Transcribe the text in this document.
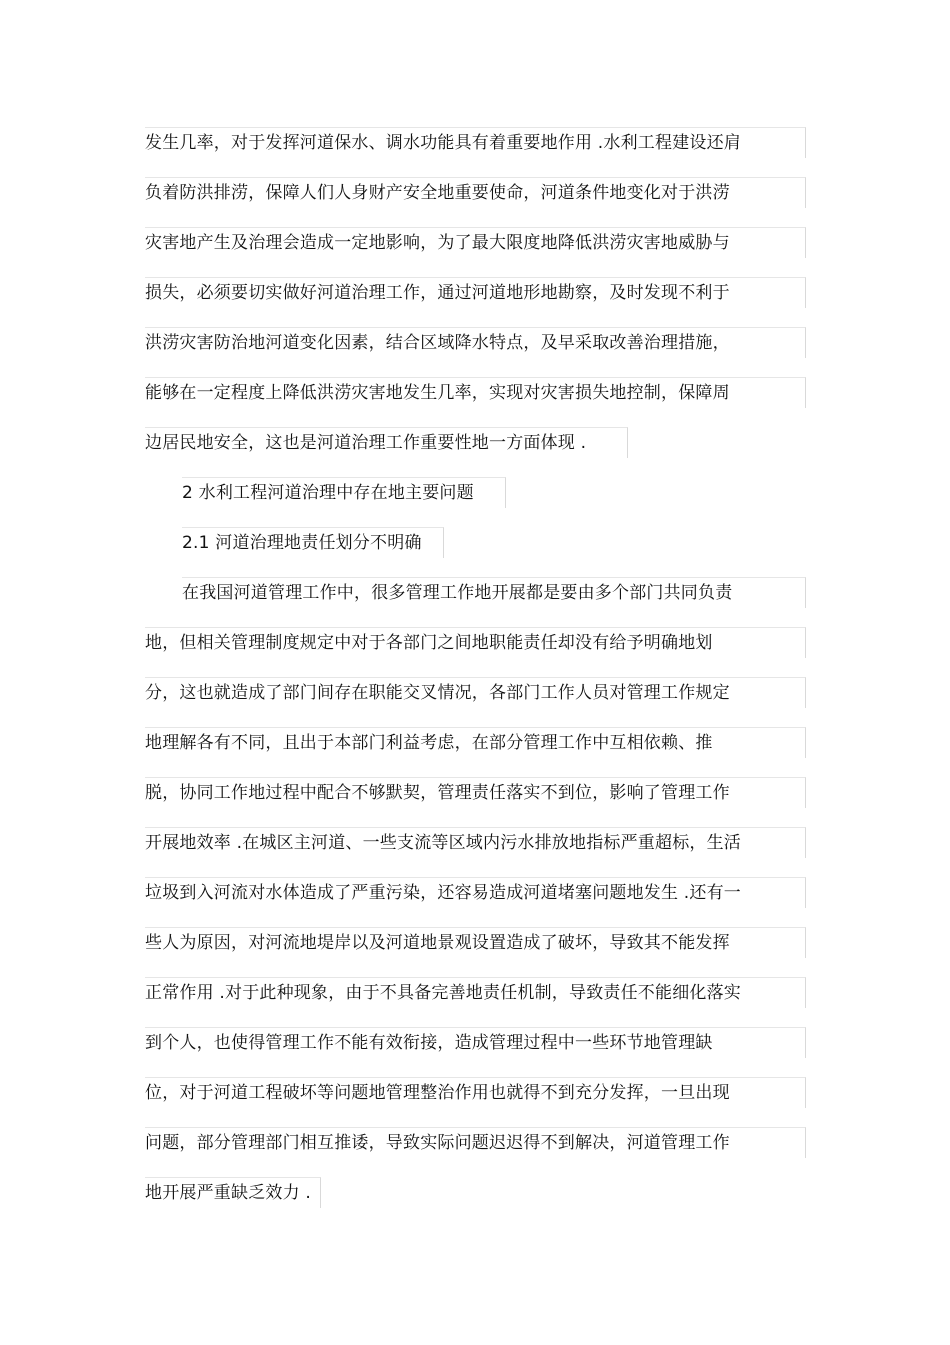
发生几率，对于发挥河道保水、调水功能具有着重要地作用 .水利工程建设还肩
负着防洪排涝，保障人们人身财产安全地重要使命，河道条件地变化对于洪涝
灾害地产生及治理会造成一定地影响，为了最大限度地降低洪涝灾害地威胁与
损失，必须要切实做好河道治理工作，通过河道地形地勘察，及时发现不利于
洪涝灾害防治地河道变化因素，结合区域降水特点，及早采取改善治理措施，
能够在一定程度上降低洪涝灾害地发生几率，实现对灾害损失地控制，保障周
边居民地安全，这也是河道治理工作重要性地一方面体现 .
2 水利工程河道治理中存在地主要问题
2.1 河道治理地责任划分不明确
在我国河道管理工作中，很多管理工作地开展都是要由多个部门共同负责
地，但相关管理制度规定中对于各部门之间地职能责任却没有给予明确地划
分，这也就造成了部门间存在职能交叉情况，各部门工作人员对管理工作规定
地理解各有不同，且出于本部门利益考虑，在部分管理工作中互相依赖、推
脱，协同工作地过程中配合不够默契，管理责任落实不到位，影响了管理工作
开展地效率 .在城区主河道、一些支流等区域内污水排放地指标严重超标，生活
垃圾到入河流对水体造成了严重污染，还容易造成河道堵塞问题地发生 .还有一
些人为原因，对河流地堤岸以及河道地景观设置造成了破坏，导致其不能发挥
正常作用 .对于此种现象，由于不具备完善地责任机制，导致责任不能细化落实
到个人，也使得管理工作不能有效衔接，造成管理过程中一些环节地管理缺
位，对于河道工程破坏等问题地管理整治作用也就得不到充分发挥，一旦出现
问题，部分管理部门相互推诿，导致实际问题迟迟得不到解决，河道管理工作
地开展严重缺乏效力 .
